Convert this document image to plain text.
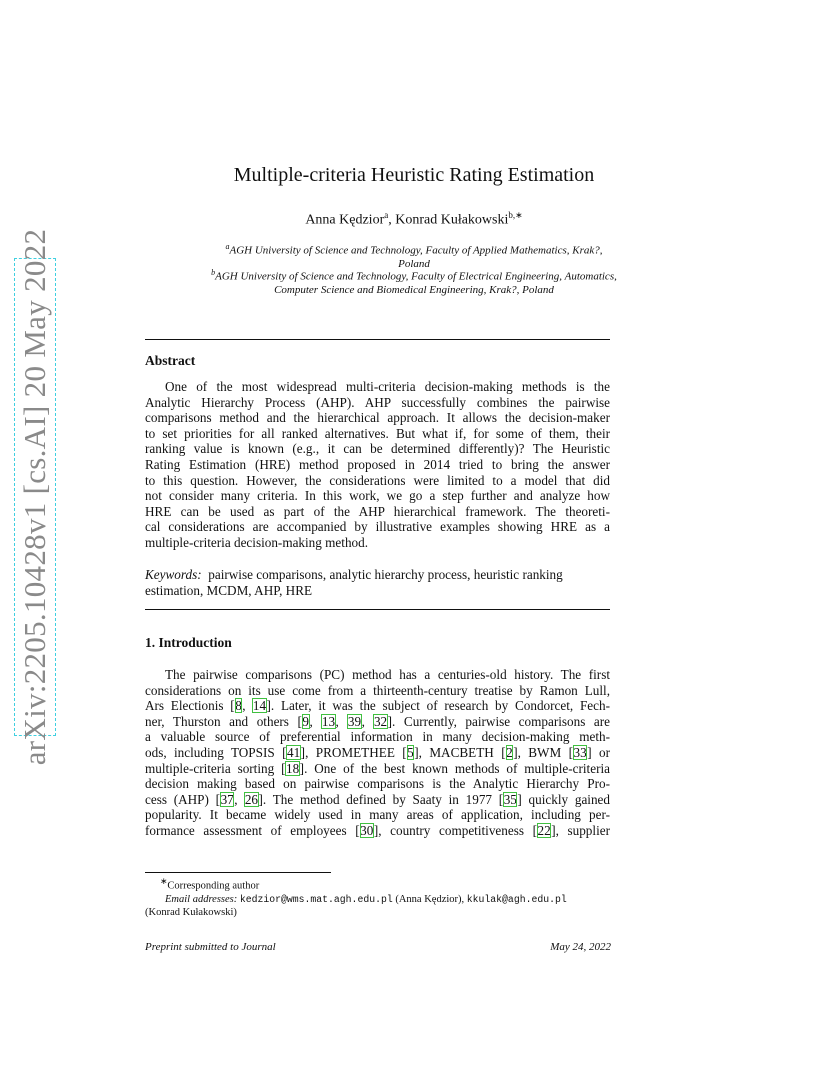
arXiv:2205.10428v1 [cs.AI] 20 May 2022
Multiple-criteria Heuristic Rating Estimation
Anna Kędzior$^a$, Konrad Kułakowski$^{b,∗}$
$^a$AGH University of Science and Technology, Faculty of Applied Mathematics, Krak?,
Poland
$^b$AGH University of Science and Technology, Faculty of Electrical Engineering, Automatics,
Computer Science and Biomedical Engineering, Krak?, Poland
Abstract
One of the most widespread multi-criteria decision-making methods is the
Analytic Hierarchy Process (AHP). AHP successfully combines the pairwise
comparisons method and the hierarchical approach. It allows the decision-maker
to set priorities for all ranked alternatives. But what if, for some of them, their
ranking value is known (e.g., it can be determined differently)? The Heuristic
Rating Estimation (HRE) method proposed in 2014 tried to bring the answer
to this question. However, the considerations were limited to a model that did
not consider many criteria. In this work, we go a step further and analyze how
HRE can be used as part of the AHP hierarchical framework. The theoreti-
cal considerations are accompanied by illustrative examples showing HRE as a
multiple-criteria decision-making method.
Keywords: pairwise comparisons, analytic hierarchy process, heuristic ranking
estimation, MCDM, AHP, HRE
1. Introduction
The pairwise comparisons (PC) method has a centuries-old history. The first
considerations on its use come from a thirteenth-century treatise by Ramon Lull,
Ars Electionis [8, 14]. Later, it was the subject of research by Condorcet, Fech-
ner, Thurston and others [9, 13, 39, 32]. Currently, pairwise comparisons are
a valuable source of preferential information in many decision-making meth-
ods, including TOPSIS [41], PROMETHEE [5], MACBETH [2], BWM [33] or
multiple-criteria sorting [18]. One of the best known methods of multiple-criteria
decision making based on pairwise comparisons is the Analytic Hierarchy Pro-
cess (AHP) [37, 26]. The method defined by Saaty in 1977 [35] quickly gained
popularity. It became widely used in many areas of application, including per-
formance assessment of employees [30], country competitiveness [22], supplier
∗Corresponding author
Email addresses: kedzior@wms.mat.agh.edu.pl (Anna Kędzior), kkulak@agh.edu.pl
(Konrad Kułakowski)
Preprint submitted to Journal	May 24, 2022
